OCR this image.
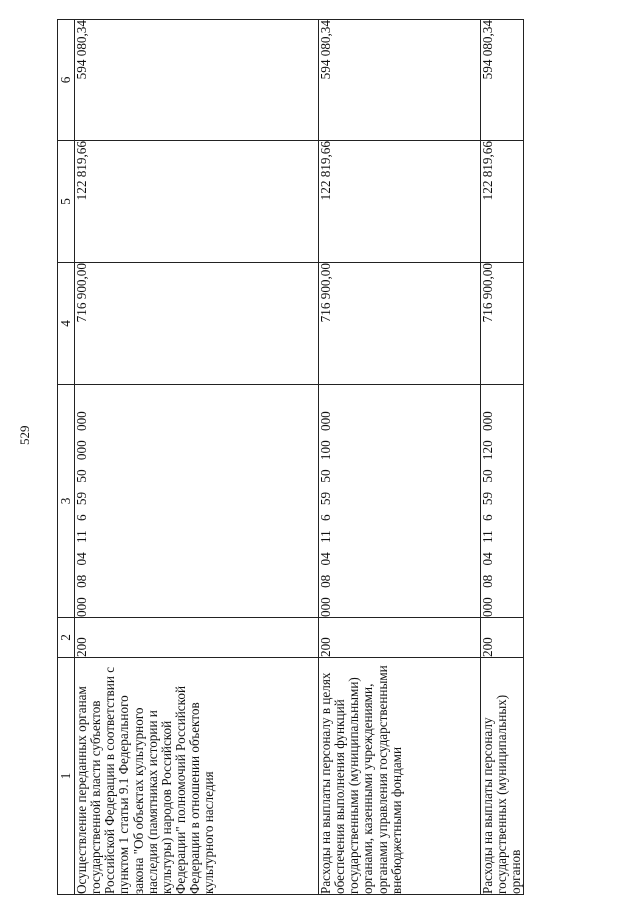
529
1	2	3	4	5	6
Осуществление переданных органам государственной власти субъектов Российской Федерации в соответствии с пунктом 1 статьи 9.1 Федерального закона "Об объектах культурного наследия (памятниках истории и культуры) народов Российской Федерации" полномочий Российской Федерации в отношении объектов культурного наследия	200	000 08 04 11 6 59 50 000 000	716 900,00	122 819,66	594 080,34
Расходы на выплаты персоналу в целях обеспечения выполнения функций государственными (муниципальными) органами, казенными учреждениями, органами управления государственными внебюджетными фондами	200	000 08 04 11 6 59 50 100 000	716 900,00	122 819,66	594 080,34
Расходы на выплаты персоналу государственных (муниципальных) органов	200	000 08 04 11 6 59 50 120 000	716 900,00	122 819,66	594 080,34
